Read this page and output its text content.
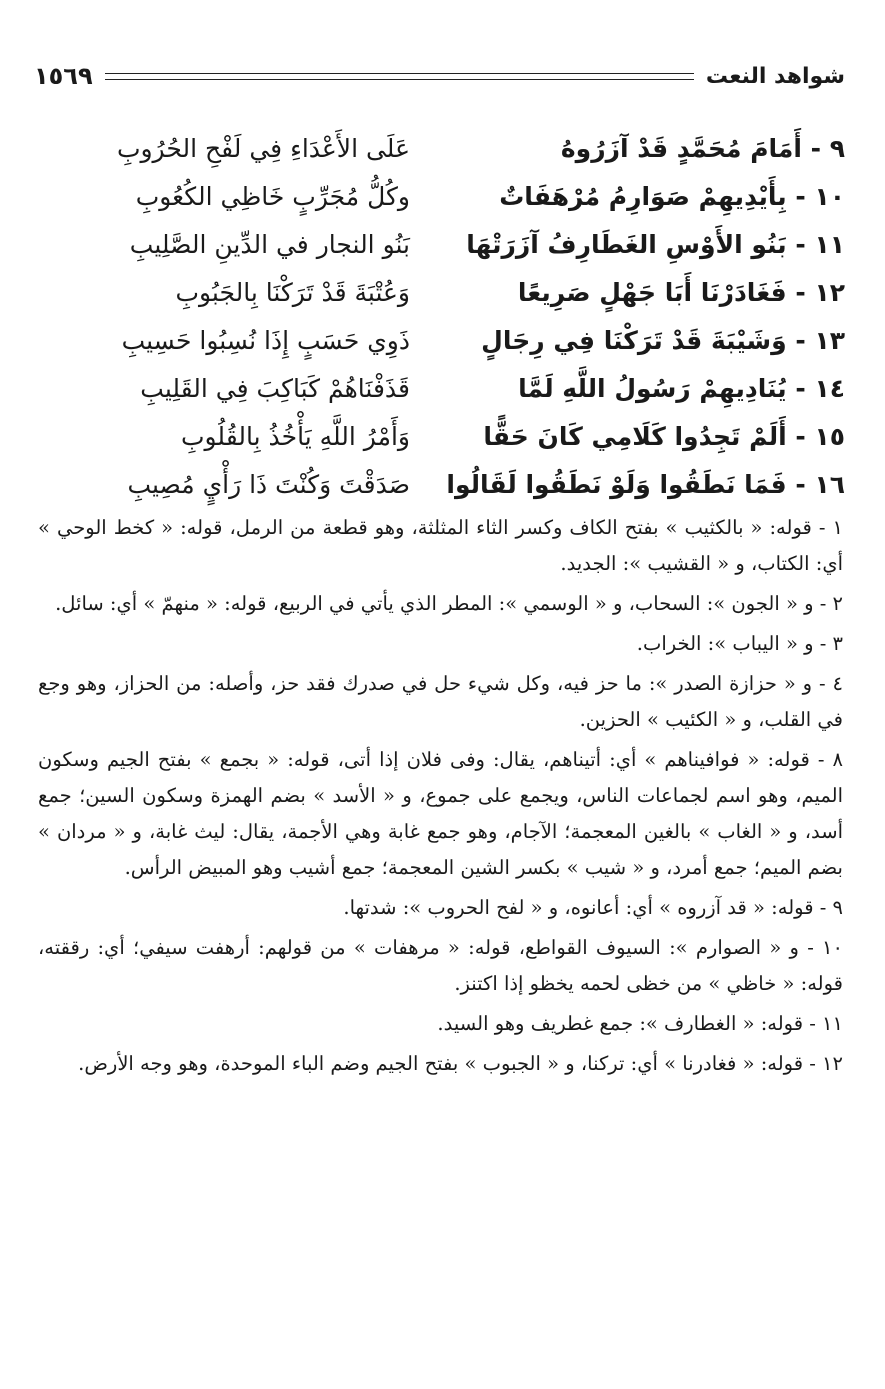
شواهد النعت
١٥٦٩
٩ - أَمَامَ مُحَمَّدٍ قَدْ آزَرُوهُ
عَلَى الأَعْدَاءِ فِي لَفْحِ الحُرُوبِ
١٠ - بِأَيْدِيهِمْ صَوَارِمُ مُرْهَفَاتٌ
وكُلُّ مُجَرِّبٍ خَاظِي الكُعُوبِ
١١ - بَنُو الأَوْسِ الغَطَارِفُ آزَرَتْهَا
بَنُو النجار في الدِّينِ الصَّلِيبِ
١٢ - فَغَادَرْنَا أَبَا جَهْلٍ صَرِيعًا
وَعُتْبَةَ قَدْ تَرَكْنَا بِالجَبُوبِ
١٣ - وَشَيْبَةَ قَدْ تَرَكْنَا فِي رِجَالٍ
ذَوِي حَسَبٍ إِذَا نُسِبُوا حَسِيبِ
١٤ - يُنَادِيهِمْ رَسُولُ اللَّهِ لَمَّا
قَذَفْنَاهُمْ كَبَاكِبَ فِي القَلِيبِ
١٥ - أَلَمْ تَجِدُوا كَلَامِي كَانَ حَقًّا
وَأَمْرُ اللَّهِ يَأْخُذُ بِالقُلُوبِ
١٦ - فَمَا نَطَقُوا وَلَوْ نَطَقُوا لَقَالُوا
صَدَقْتَ وَكُنْتَ ذَا رَأْيٍ مُصِيبِ

١ - قوله: « بالكثيب » بفتح الكاف وكسر الثاء المثلثة، وهو قطعة من الرمل، قوله: « كخط الوحي » أي: الكتاب، و « القشيب »: الجديد.

٢ - و « الجون »: السحاب، و « الوسمي »: المطر الذي يأتي في الربيع، قوله: « منهمّ » أي: سائل.

٣ - و « اليباب »: الخراب.

٤ - و « حزازة الصدر »: ما حز فيه، وكل شيء حل في صدرك فقد حز، وأصله: من الحزاز، وهو وجع في القلب، و « الكئيب » الحزين.

٨ - قوله: « فوافيناهم » أي: أتيناهم، يقال: وفى فلان إذا أتى، قوله: « بجمع » بفتح الجيم وسكون الميم، وهو اسم لجماعات الناس، ويجمع على جموع، و « الأسد » بضم الهمزة وسكون السين؛ جمع أسد، و « الغاب » بالغين المعجمة؛ الآجام، وهو جمع غابة وهي الأجمة، يقال: ليث غابة، و « مردان » بضم الميم؛ جمع أمرد، و « شيب » بكسر الشين المعجمة؛ جمع أشيب وهو المبيض الرأس.

٩ - قوله: « قد آزروه » أي: أعانوه، و « لفح الحروب »: شدتها.

١٠ - و « الصوارم »: السيوف القواطع، قوله: « مرهفات » من قولهم: أرهفت سيفي؛ أي: رققته، قوله: « خاظي » من خظى لحمه يخظو إذا اكتنز.

١١ - قوله: « الغطارف »: جمع غطريف وهو السيد.

١٢ - قوله: « فغادرنا » أي: تركنا، و « الجبوب » بفتح الجيم وضم الباء الموحدة، وهو وجه الأرض.
